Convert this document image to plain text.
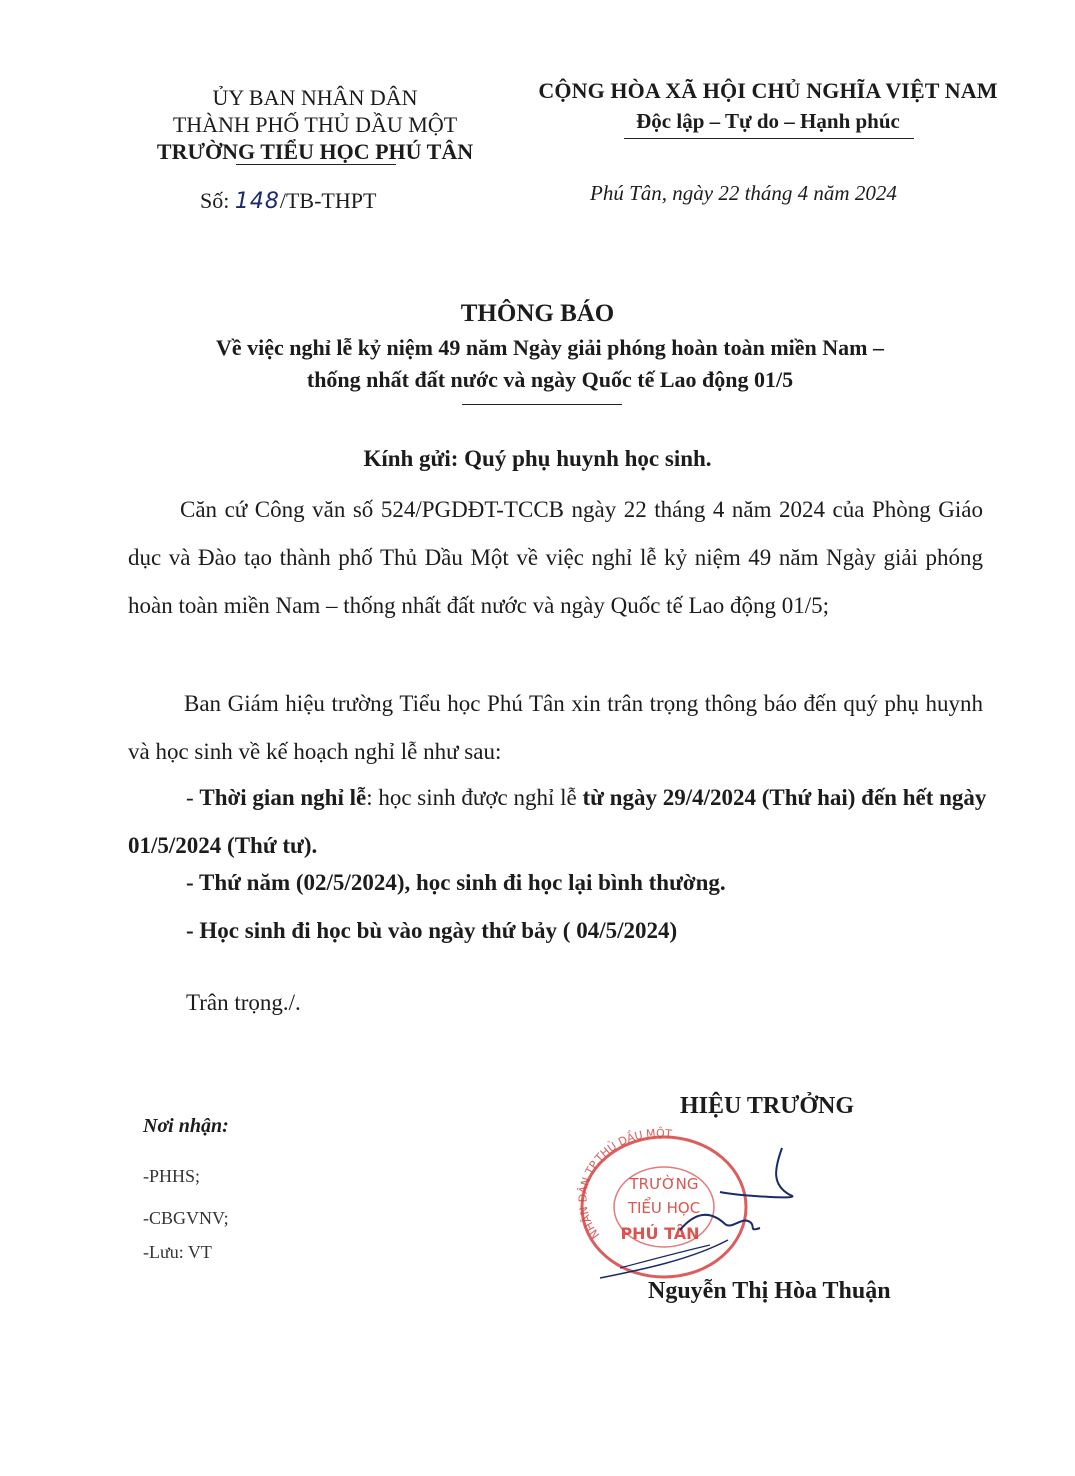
ỦY BAN NHÂN DÂN
THÀNH PHỐ THỦ DẦU MỘT
TRƯỜNG TIỂU HỌC PHÚ TÂN
CỘNG HÒA XÃ HỘI CHỦ NGHĨA VIỆT NAM
Độc lập – Tự do – Hạnh phúc
Số: 148/TB-THPT	Phú Tân, ngày 22 tháng 4 năm 2024
THÔNG BÁO
Về việc nghỉ lễ kỷ niệm 49 năm Ngày giải phóng hoàn toàn miền Nam –
thống nhất đất nước và ngày Quốc tế Lao động 01/5
Kính gửi: Quý phụ huynh học sinh.
Căn cứ Công văn số 524/PGDĐT-TCCB ngày 22 tháng 4 năm 2024 của Phòng Giáo dục và Đào tạo thành phố Thủ Dầu Một về việc nghỉ lễ kỷ niệm 49 năm Ngày giải phóng hoàn toàn miền Nam – thống nhất đất nước và ngày Quốc tế Lao động 01/5;
Ban Giám hiệu trường Tiểu học Phú Tân xin trân trọng thông báo đến quý phụ huynh và học sinh về kế hoạch nghỉ lễ như sau:
- Thời gian nghỉ lễ: học sinh được nghỉ lễ từ ngày 29/4/2024 (Thứ hai) đến hết ngày 01/5/2024 (Thứ tư).
- Thứ năm (02/5/2024), học sinh đi học lại bình thường.
- Học sinh đi học bù vào ngày thứ bảy ( 04/5/2024)
Trân trọng./.
HIỆU TRƯỞNG
NHÂN DÂN TP.THỦ DẦU MỘT
TRƯỜNG
TIỂU HỌC
PHÚ TÂN
Nguyễn Thị Hòa Thuận
Nơi nhận:
-PHHS;
-CBGVNV;
-Lưu: VT
